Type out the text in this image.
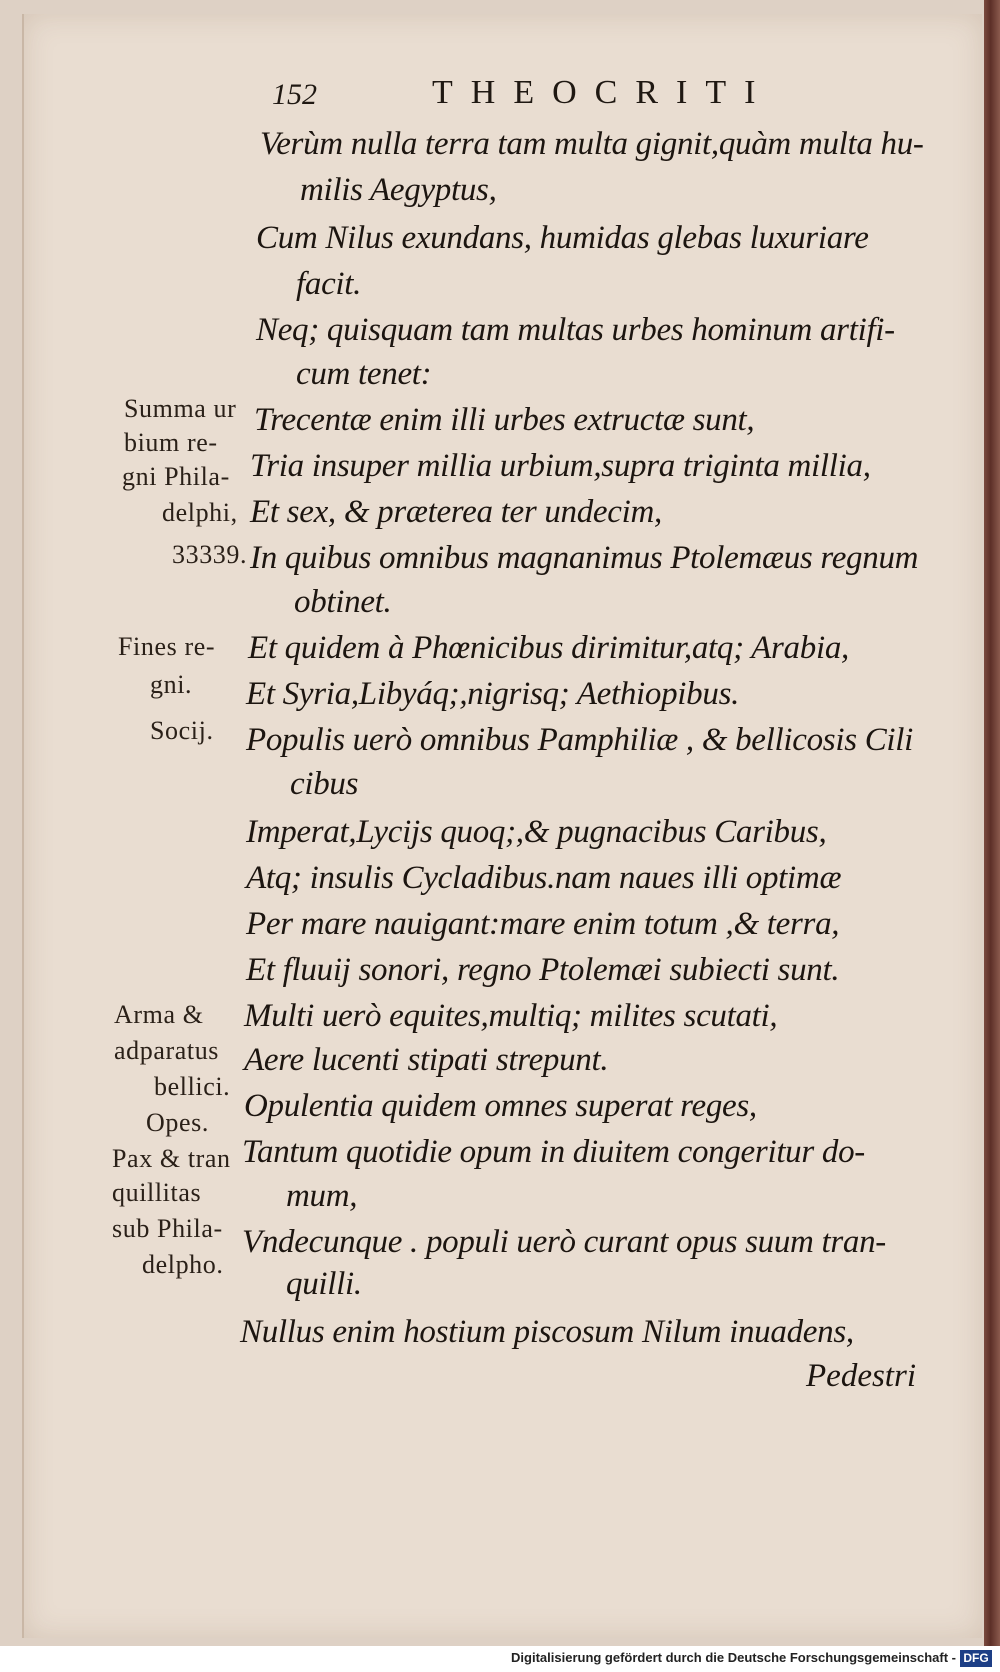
152	THEOCRITI
Verùm nulla terra tam multa gignit,quàm multa hu-
milis Aegyptus,
Cum Nilus exundans, humidas glebas luxuriare
facit.
Neq; quisquam tam multas urbes hominum artifi-
cum tenet:
Trecentæ enim illi urbes extructæ sunt,
Tria insuper millia urbium,supra triginta millia,
Et sex, & præterea ter undecim,
In quibus omnibus magnanimus Ptolemæus regnum
obtinet.
Et quidem à Phœnicibus dirimitur,atq; Arabia,
Et Syria,Libyáq;,nigrisq; Aethiopibus.
Populis uerò omnibus Pamphiliæ , & bellicosis Cili
cibus
Imperat,Lycijs quoq;,& pugnacibus Caribus,
Atq; insulis Cycladibus.nam naues illi optimæ
Per mare nauigant:mare enim totum ,& terra,
Et fluuij sonori, regno Ptolemæi subiecti sunt.
Multi uerò equites,multiq; milites scutati,
Aere lucenti stipati strepunt.
Opulentia quidem omnes superat reges,
Tantum quotidie opum in diuitem congeritur do-
mum,
Vndecunque . populi uerò curant opus suum tran-
quilli.
Nullus enim hostium piscosum Nilum inuadens,
Pedestri
Summa ur
bium re-
gni Phila-
delphi,
33339.
Fines re-
gni.
Socij.
Arma &
adparatus
bellici.
Opes.
Pax & tran
quillitas
sub Phila-
delpho.
Digitalisierung gefördert durch die Deutsche Forschungsgemeinschaft - DFG
